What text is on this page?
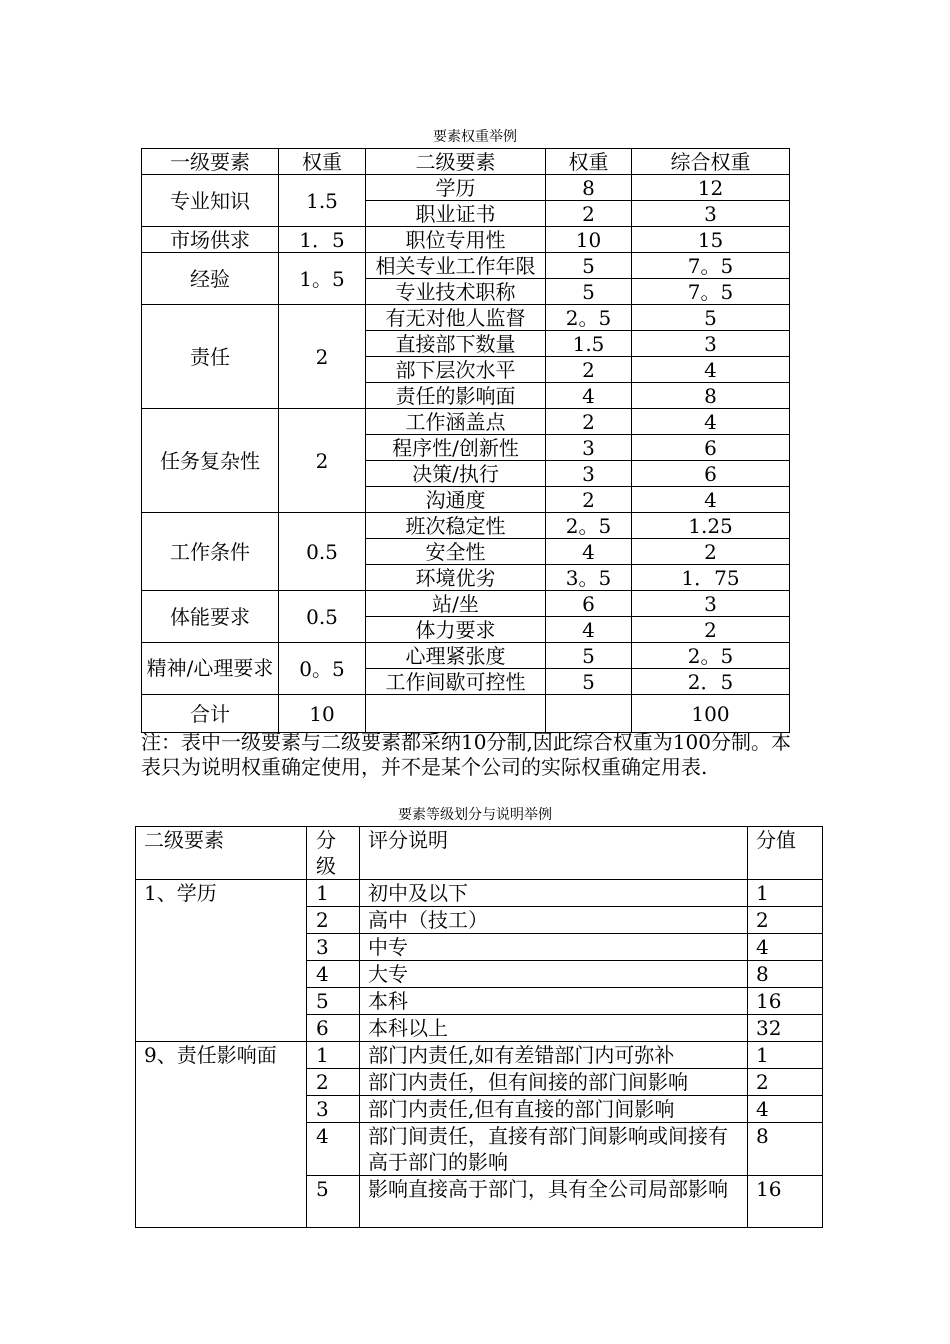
要素权重举例
一级要素	权重	二级要素	权重	综合权重
专业知识	1.5	学历	8	12
		职业证书	2	3
市场供求	1．5	职位专用性	10	15
经验	1。5	相关专业工作年限	5	7。5
		专业技术职称	5	7。5
责任	2	有无对他人监督	2。5	5
		直接部下数量	1.5	3
		部下层次水平	2	4
		责任的影响面	4	8
任务复杂性	2	工作涵盖点	2	4
		程序性/创新性	3	6
		决策/执行	3	6
		沟通度	2	4
工作条件	0.5	班次稳定性	2。5	1.25
		安全性	4	2
		环境优劣	3。5	1．75
体能要求	0.5	站/坐	6	3
		体力要求	4	2
精神/心理要求	0。5	心理紧张度	5	2。5
		工作间歇可控性	5	2．5
合计	10			100

注：表中一级要素与二级要素都采纳10分制,因此综合权重为100分制。本表只为说明权重确定使用，并不是某个公司的实际权重确定用表.

要素等级划分与说明举例
二级要素	分级	评分说明	分值
1、学历	1	初中及以下	1
	2	高中（技工）	2
	3	中专	4
	4	大专	8
	5	本科	16
	6	本科以上	32
9、责任影响面	1	部门内责任,如有差错部门内可弥补	1
	2	部门内责任，但有间接的部门间影响	2
	3	部门内责任,但有直接的部门间影响	4
	4	部门间责任，直接有部门间影响或间接有高于部门的影响	8
	5	影响直接高于部门，具有全公司局部影响	16
